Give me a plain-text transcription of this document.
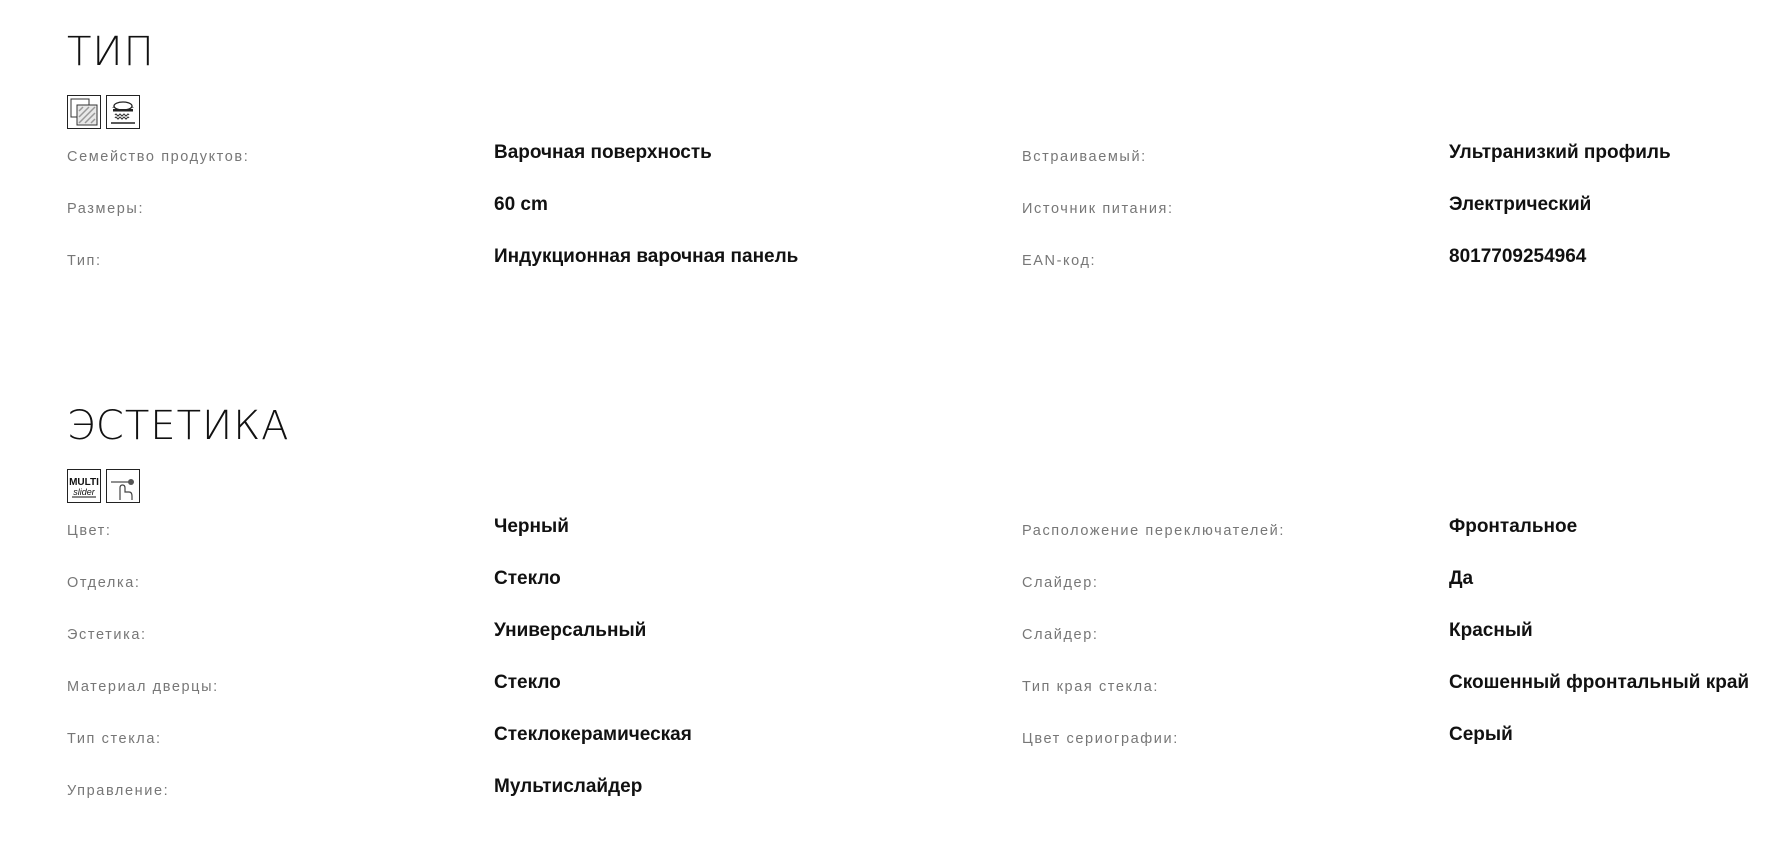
ТИП
Семейство продуктов:	Варочная поверхность
Размеры:	60 cm
Тип:	Индукционная варочная панель
Встраиваемый:	Ультранизкий профиль
Источник питания:	Электрический
EAN-код:	8017709254964
ЭСТЕТИКА
MULTI
slider
Цвет:	Черный
Отделка:	Стекло
Эстетика:	Универсальный
Материал дверцы:	Стекло
Тип стекла:	Стеклокерамическая
Управление:	Мультислайдер
Расположение переключателей:	Фронтальное
Слайдер:	Да
Слайдер:	Красный
Тип края стекла:	Скошенный фронтальный край
Цвет сериографии:	Серый
